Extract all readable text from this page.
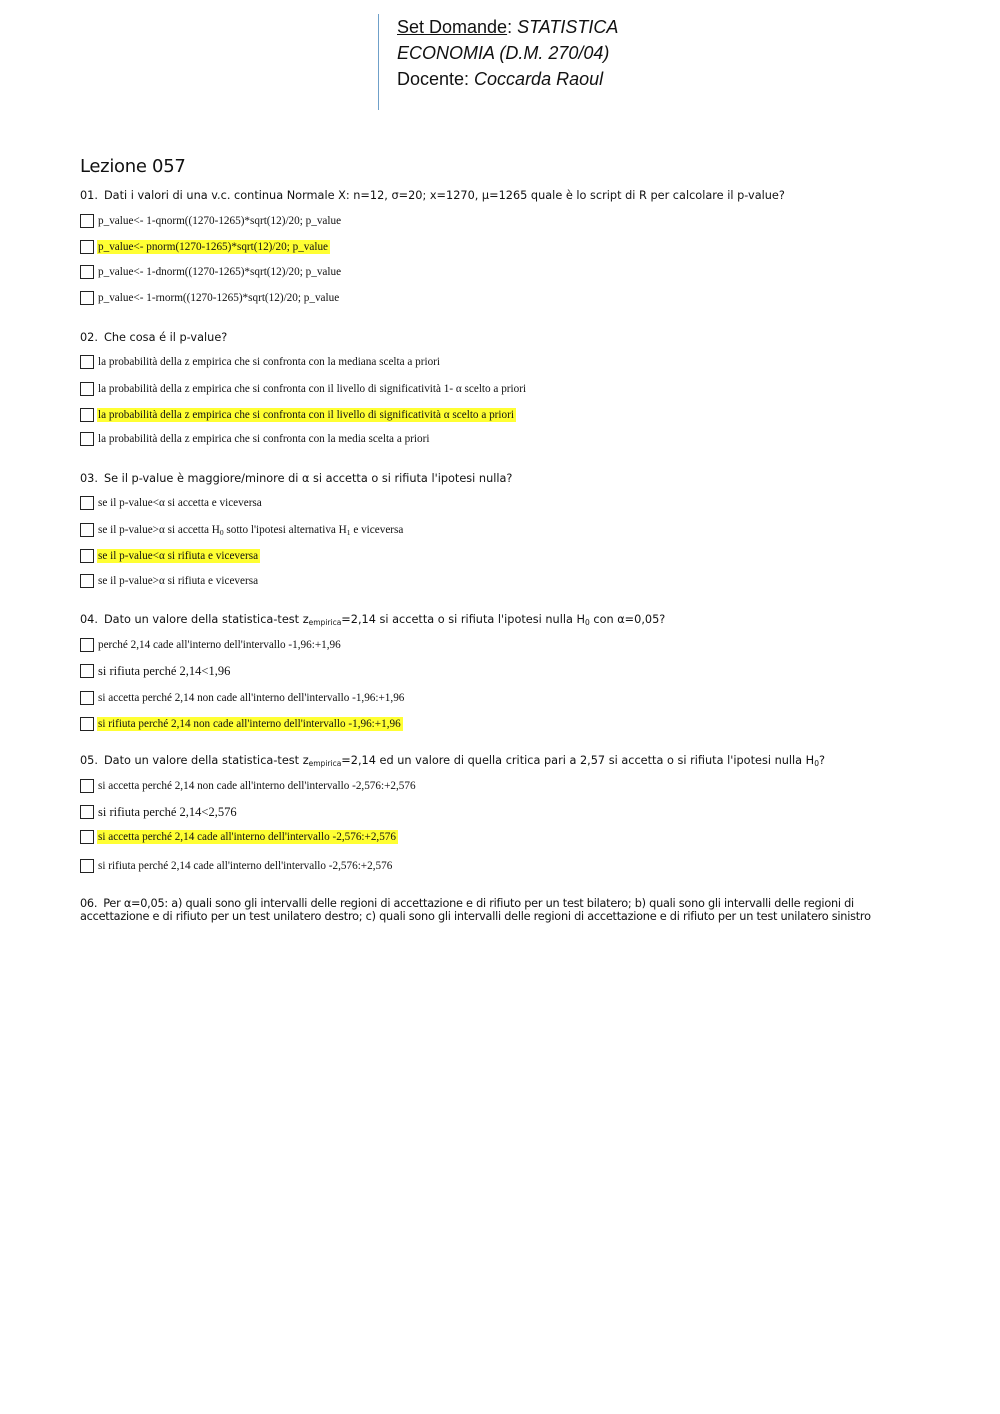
Set Domande: STATISTICA
ECONOMIA (D.M. 270/04)
Docente: Coccarda Raoul
Lezione 057
01. Dati i valori di una v.c. continua Normale X: n=12, σ=20; x=1270, μ=1265 quale è lo script di R per calcolare il p-value?
p_value<- 1-qnorm((1270-1265)*sqrt(12)/20; p_value
p_value<- pnorm(1270-1265)*sqrt(12)/20; p_value
p_value<- 1-dnorm((1270-1265)*sqrt(12)/20; p_value
p_value<- 1-rnorm((1270-1265)*sqrt(12)/20; p_value
02. Che cosa é il p-value?
la probabilità della z empirica che si confronta con la mediana scelta a priori
la probabilità della z empirica che si confronta con il livello di significatività 1- α scelto a priori
la probabilità della z empirica che si confronta con il livello di significatività α scelto a priori
la probabilità della z empirica che si confronta con la media scelta a priori
03. Se il p-value è maggiore/minore di α si accetta o si rifiuta l'ipotesi nulla?
se il p-value<α si accetta e viceversa
se il p-value>α si accetta $H_0$ sotto l'ipotesi alternativa $H_1$ e viceversa
se il p-value<α si rifiuta e viceversa
se il p-value>α si rifiuta e viceversa
04. Dato un valore della statistica-test $z_{empirica}=2,14$ si accetta o si rifiuta l'ipotesi nulla $H_0$ con α=0,05?
perché 2,14 cade all'interno dell'intervallo -1,96:+1,96
si rifiuta perché 2,14<1,96
si accetta perché 2,14 non cade all'interno dell'intervallo -1,96:+1,96
si rifiuta perché 2,14 non cade all'interno dell'intervallo -1,96:+1,96
05. Dato un valore della statistica-test $z_{empirica}=2,14$ ed un valore di quella critica pari a 2,57 si accetta o si rifiuta l'ipotesi nulla $H_0$?
si accetta perché 2,14 non cade all'interno dell'intervallo -2,576:+2,576
si rifiuta perché 2,14<2,576
si accetta perché 2,14 cade all'interno dell'intervallo -2,576:+2,576
si rifiuta perché 2,14 cade all'interno dell'intervallo -2,576:+2,576
06. Per α=0,05: a) quali sono gli intervalli delle regioni di accettazione e di rifiuto per un test bilatero; b) quali sono gli intervalli delle regioni di accettazione e di rifiuto per un test unilatero destro; c) quali sono gli intervalli delle regioni di accettazione e di rifiuto per un test unilatero sinistro
